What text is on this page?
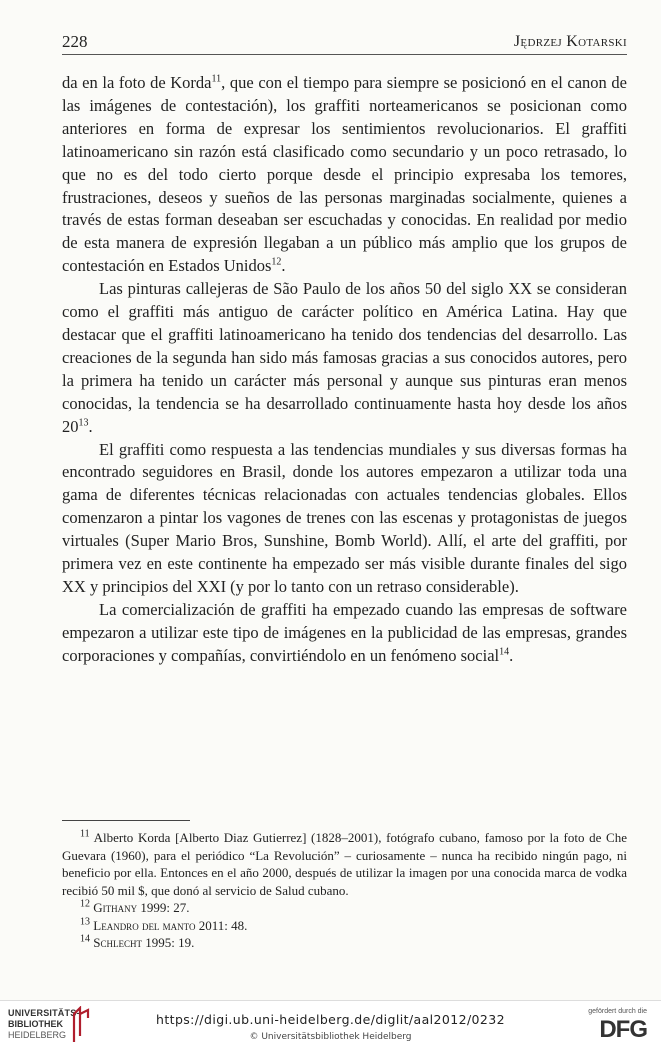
228	Jędrzej Kotarski

da en la foto de Korda$^{11}$, que con el tiempo para siempre se posicionó en el canon de las imágenes de contestación), los graffiti norteamericanos se posicionan como anteriores en forma de expresar los sentimientos revolucionarios. El graffiti latinoamericano sin razón está clasificado como secundario y un poco retrasado, lo que no es del todo cierto porque desde el principio expresaba los temores, frustraciones, deseos y sueños de las personas marginadas socialmente, quienes a través de estas forman deseaban ser escuchadas y conocidas. En realidad por medio de esta manera de expresión llegaban a un público más amplio que los grupos de contestación en Estados Unidos$^{12}$.

Las pinturas callejeras de São Paulo de los años 50 del siglo XX se consideran como el graffiti más antiguo de carácter político en América Latina. Hay que destacar que el graffiti latinoamericano ha tenido dos tendencias del desarrollo. Las creaciones de la segunda han sido más famosas gracias a sus conocidos autores, pero la primera ha tenido un carácter más personal y aunque sus pinturas eran menos conocidas, la tendencia se ha desarrollado continuamente hasta hoy desde los años $20^{13}$.

El graffiti como respuesta a las tendencias mundiales y sus diversas formas ha encontrado seguidores en Brasil, donde los autores empezaron a utilizar toda una gama de diferentes técnicas relacionadas con actuales tendencias globales. Ellos comenzaron a pintar los vagones de trenes con las escenas y protagonistas de juegos virtuales (Super Mario Bros, Sunshine, Bomb World). Allí, el arte del graffiti, por primera vez en este continente ha empezado ser más visible durante finales del sigo XX y principios del XXI (y por lo tanto con un retraso considerable).

La comercialización de graffiti ha empezado cuando las empresas de software empezaron a utilizar este tipo de imágenes en la publicidad de las empresas, grandes corporaciones y compañías, convirtiéndolo en un fenómeno social$^{14}$.

$^{11}$ Alberto Korda [Alberto Diaz Gutierrez] (1828–2001), fotógrafo cubano, famoso por la foto de Che Guevara (1960), para el periódico “La Revolución” – curiosamente – nunca ha recibido ningún pago, ni beneficio por ella. Entonces en el año 2000, después de utilizar la imagen por una conocida marca de vodka recibió 50 mil $, que donó al servicio de Salud cubano.

$^{12}$ Githany 1999: 27.

$^{13}$ Leandro del manto 2011: 48.

$^{14}$ Schlecht 1995: 19.

UNIVERSITÄTS-
BIBLIOTHEK
HEIDELBERG
https://digi.ub.uni-heidelberg.de/diglit/aal2012/0232
© Universitätsbibliothek Heidelberg
gefördert durch die
DFG
